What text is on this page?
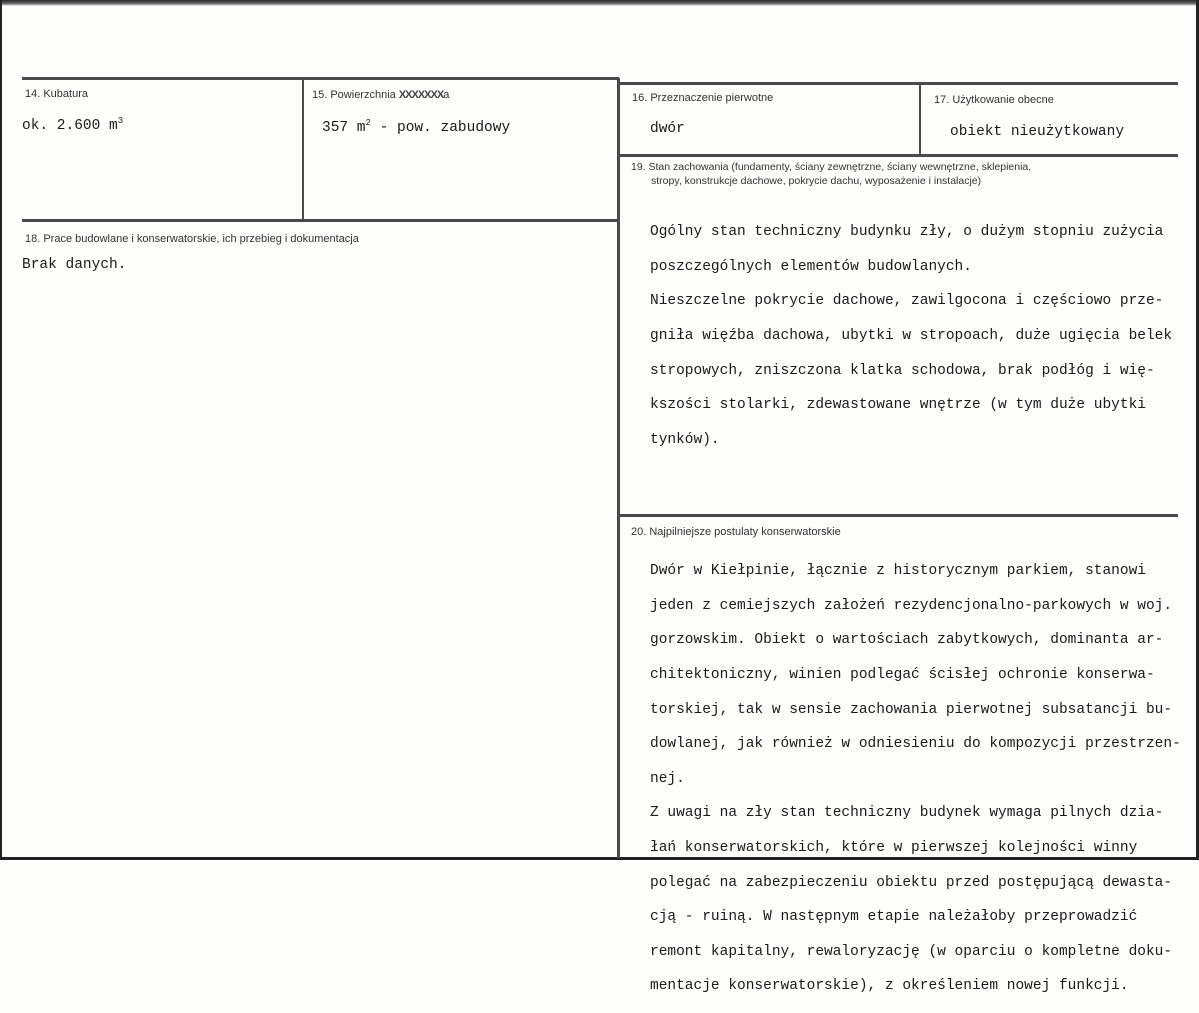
14. Kubatura
ok. 2.600 $m^3$
15. Powierzchnia XXXXXXXa
357 $m^2$ - pow. zabudowy
16. Przeznaczenie pierwotne
dwór
17. Użytkowanie obecne
obiekt nieużytkowany
18. Prace budowlane i konserwatorskie, ich przebieg i dokumentacja
Brak danych.
19. Stan zachowania (fundamenty, ściany zewnętrzne, ściany wewnętrzne, sklepienia,
stropy, konstrukcje dachowe, pokrycie dachu, wyposażenie i instalacje)

Ogólny stan techniczny budynku zły, o dużym stopniu zużycia

poszczególnych elementów budowlanych.

Nieszczelne pokrycie dachowe, zawilgocona i częściowo prze-

gniła więźba dachowa, ubytki w stropoach, duże ugięcia belek

stropowych, zniszczona klatka schodowa, brak podłóg i wię-

kszości stolarki, zdewastowane wnętrze (w tym duże ubytki

tynków).

20. Najpilniejsze postulaty konserwatorskie

Dwór w Kiełpinie, łącznie z historycznym parkiem, stanowi

jeden z cemiejszych założeń rezydencjonalno-parkowych w woj.

gorzowskim. Obiekt o wartościach zabytkowych, dominanta ar-

chitektoniczny, winien podlegać ścisłej ochronie konserwa-

torskiej, tak w sensie zachowania pierwotnej subsatancji bu-

dowlanej, jak również w odniesieniu do kompozycji przestrzen-

nej.

Z uwagi na zły stan techniczny budynek wymaga pilnych dzia-

łań konserwatorskich, które w pierwszej kolejności winny

polegać na zabezpieczeniu obiektu przed postępującą dewasta-

cją - ruiną. W następnym etapie należałoby przeprowadzić

remont kapitalny, rewaloryzację (w oparciu o kompletne doku-

mentacje konserwatorskie), z określeniem nowej funkcji.
